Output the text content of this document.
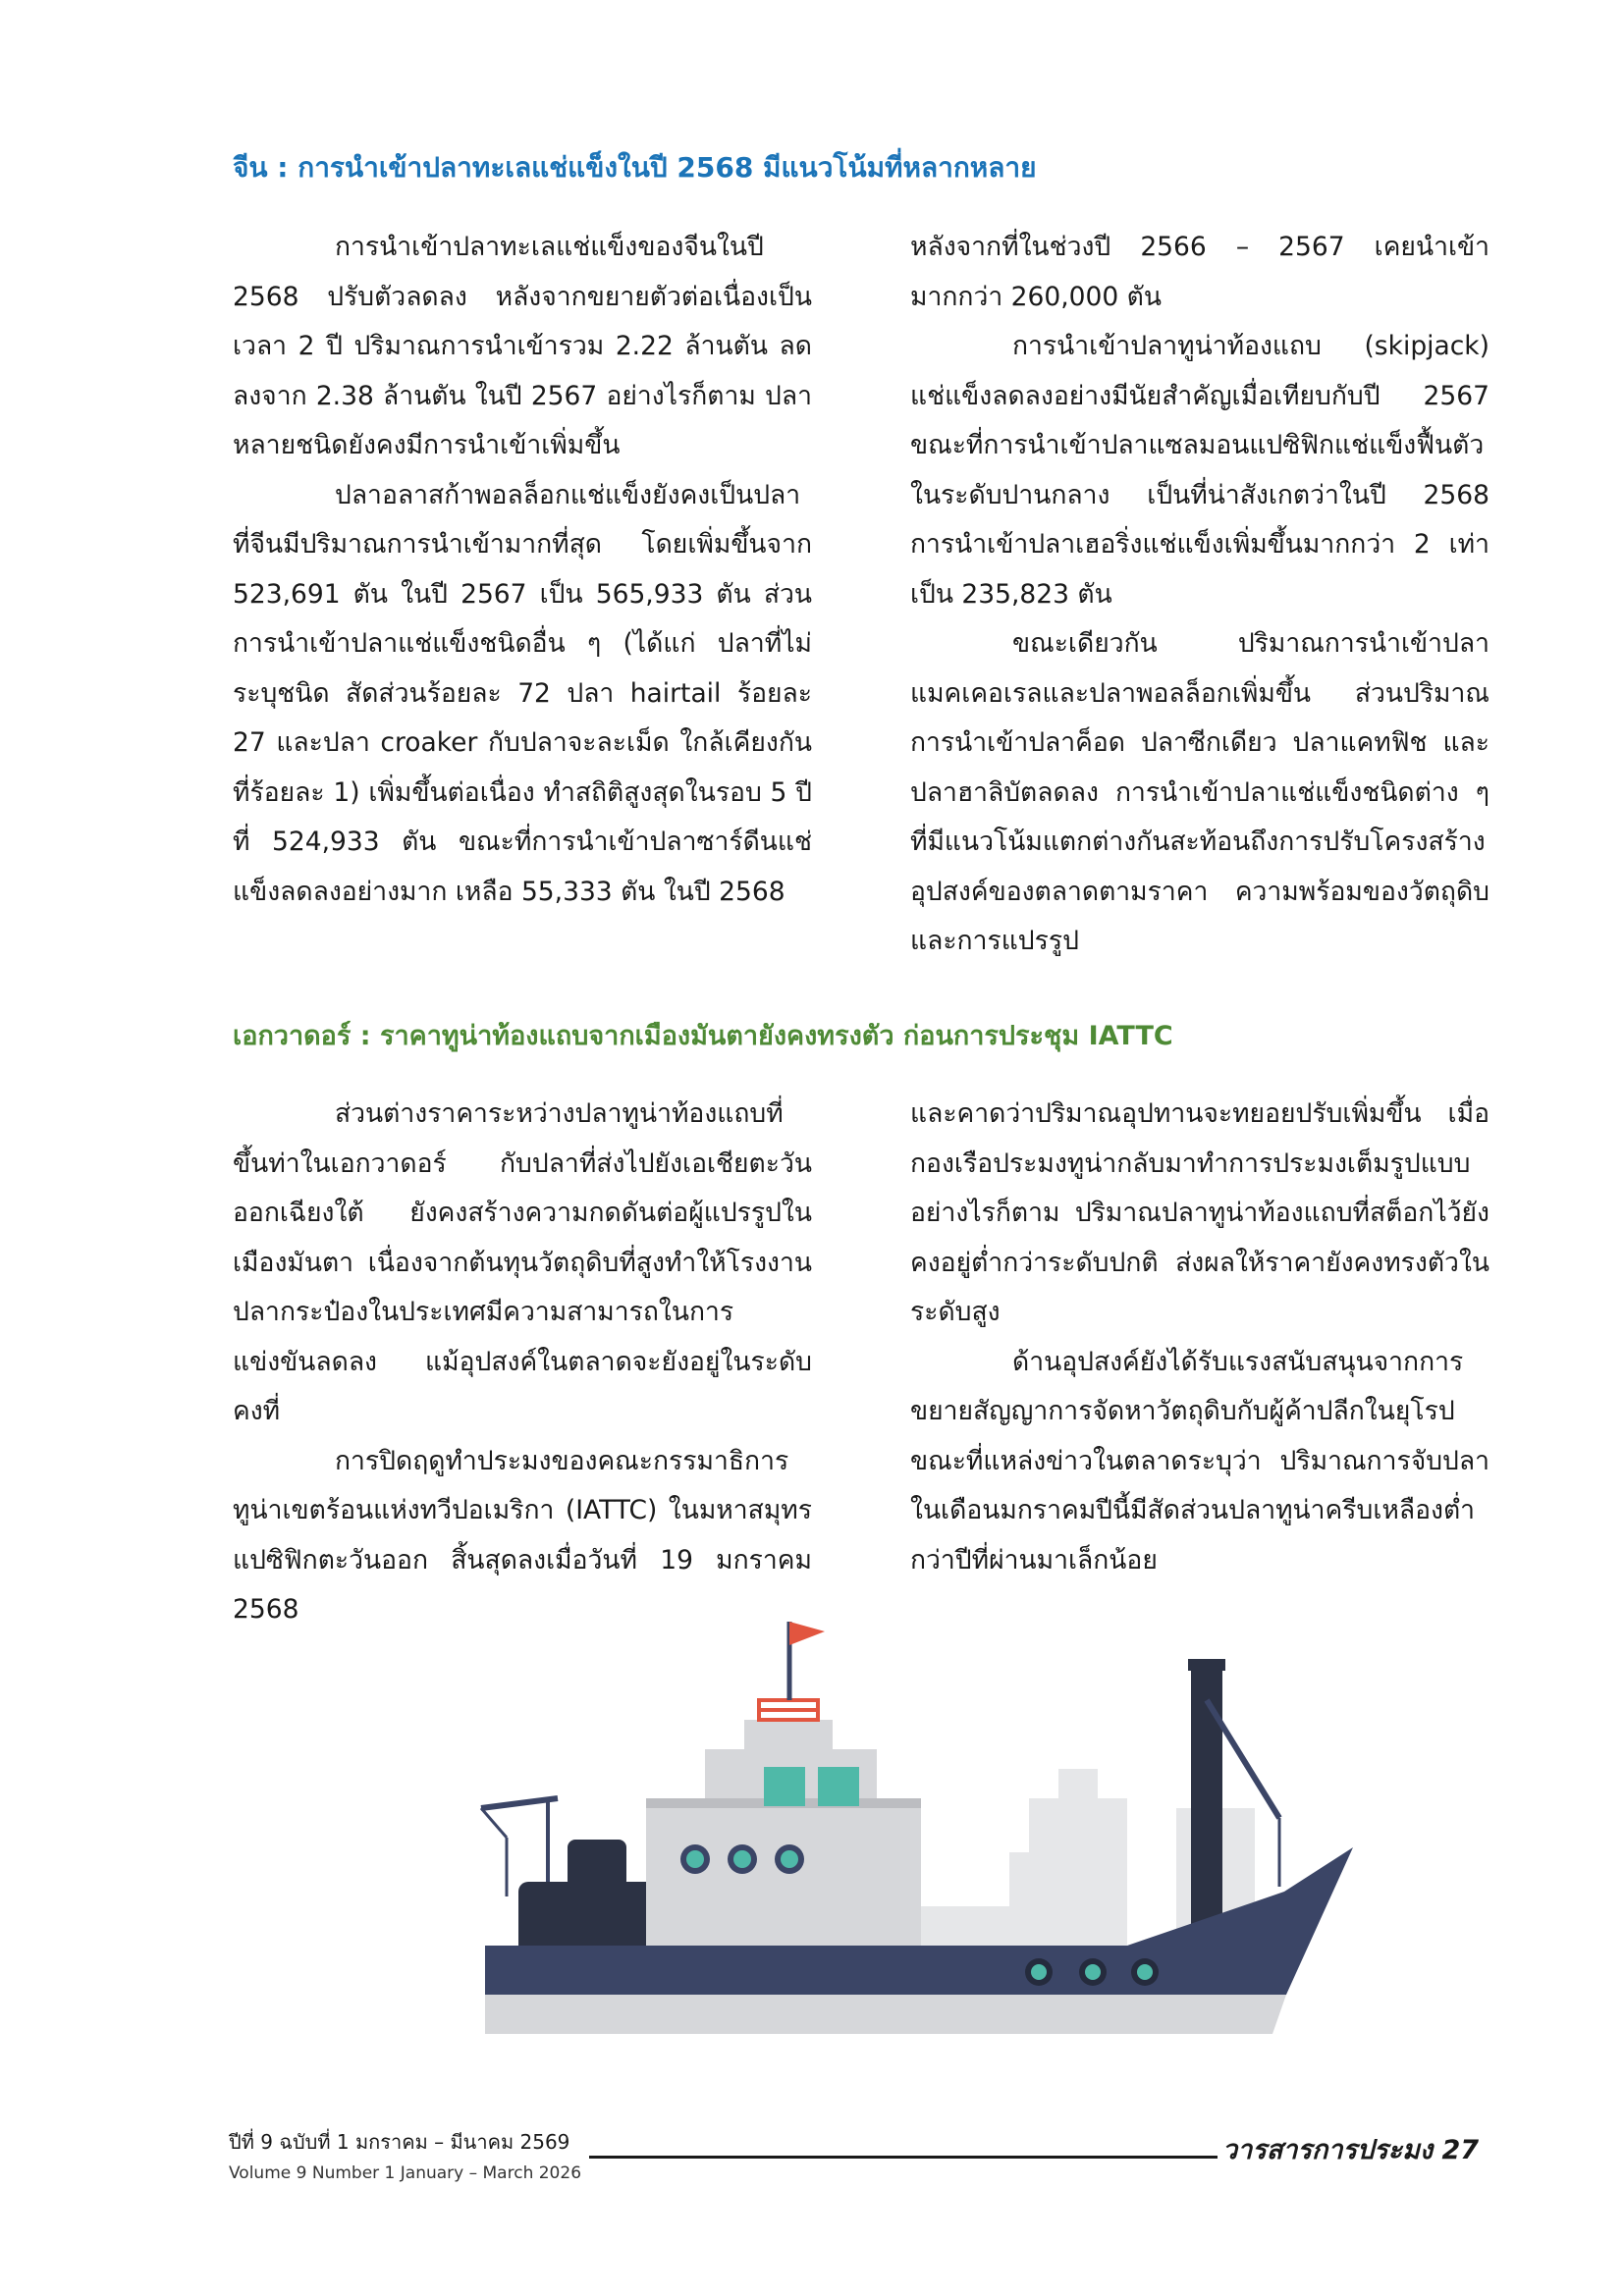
จีน : การนำเข้าปลาทะเลแช่แข็งในปี 2568 มีแนวโน้มที่หลากหลาย

การนำเข้าปลาทะเลแช่แข็งของจีนในปี 2568 ปรับตัวลดลง หลังจากขยายตัวต่อเนื่องเป็นเวลา 2 ปี ปริมาณการนำเข้ารวม 2.22 ล้านตัน ลดลงจาก 2.38 ล้านตัน ในปี 2567 อย่างไรก็ตาม ปลาหลายชนิดยังคงมีการนำเข้าเพิ่มขึ้น

ปลาอลาสก้าพอลล็อกแช่แข็งยังคงเป็นปลาที่จีนมีปริมาณการนำเข้ามากที่สุด โดยเพิ่มขึ้นจาก 523,691 ตัน ในปี 2567 เป็น 565,933 ตัน ส่วนการนำเข้าปลาแช่แข็งชนิดอื่น ๆ (ได้แก่ ปลาที่ไม่ระบุชนิด สัดส่วนร้อยละ 72 ปลา hairtail ร้อยละ 27 และปลา croaker กับปลาจะละเม็ด ใกล้เคียงกันที่ร้อยละ 1) เพิ่มขึ้นต่อเนื่อง ทำสถิติสูงสุดในรอบ 5 ปีที่ 524,933 ตัน ขณะที่การนำเข้าปลาซาร์ดีนแช่แข็งลดลงอย่างมาก เหลือ 55,333 ตัน ในปี 2568

หลังจากที่ในช่วงปี 2566 – 2567 เคยนำเข้ามากกว่า 260,000 ตัน

การนำเข้าปลาทูน่าท้องแถบ (skipjack) แช่แข็งลดลงอย่างมีนัยสำคัญเมื่อเทียบกับปี 2567 ขณะที่การนำเข้าปลาแซลมอนแปซิฟิกแช่แข็งฟื้นตัวในระดับปานกลาง เป็นที่น่าสังเกตว่าในปี 2568 การนำเข้าปลาเฮอริ่งแช่แข็งเพิ่มขึ้นมากกว่า 2 เท่า เป็น 235,823 ตัน

ขณะเดียวกัน ปริมาณการนำเข้าปลาแมคเคอเรลและปลาพอลล็อกเพิ่มขึ้น ส่วนปริมาณการนำเข้าปลาค็อด ปลาซีกเดียว ปลาแคทฟิช และปลาฮาลิบัตลดลง การนำเข้าปลาแช่แข็งชนิดต่าง ๆ ที่มีแนวโน้มแตกต่างกันสะท้อนถึงการปรับโครงสร้างอุปสงค์ของตลาดตามราคา ความพร้อมของวัตถุดิบ และการแปรรูป

เอกวาดอร์ : ราคาทูน่าท้องแถบจากเมืองมันตายังคงทรงตัว ก่อนการประชุม IATTC

ส่วนต่างราคาระหว่างปลาทูน่าท้องแถบที่ขึ้นท่าในเอกวาดอร์ กับปลาที่ส่งไปยังเอเชียตะวันออกเฉียงใต้ ยังคงสร้างความกดดันต่อผู้แปรรูปในเมืองมันตา เนื่องจากต้นทุนวัตถุดิบที่สูงทำให้โรงงานปลากระป๋องในประเทศมีความสามารถในการแข่งขันลดลง แม้อุปสงค์ในตลาดจะยังอยู่ในระดับคงที่

การปิดฤดูทำประมงของคณะกรรมาธิการทูน่าเขตร้อนแห่งทวีปอเมริกา (IATTC) ในมหาสมุทรแปซิฟิกตะวันออก สิ้นสุดลงเมื่อวันที่ 19 มกราคม 2568

และคาดว่าปริมาณอุปทานจะทยอยปรับเพิ่มขึ้น เมื่อกองเรือประมงทูน่ากลับมาทำการประมงเต็มรูปแบบ อย่างไรก็ตาม ปริมาณปลาทูน่าท้องแถบที่สต็อกไว้ยังคงอยู่ต่ำกว่าระดับปกติ ส่งผลให้ราคายังคงทรงตัวในระดับสูง

ด้านอุปสงค์ยังได้รับแรงสนับสนุนจากการขยายสัญญาการจัดหาวัตถุดิบกับผู้ค้าปลีกในยุโรป ขณะที่แหล่งข่าวในตลาดระบุว่า ปริมาณการจับปลาในเดือนมกราคมปีนี้มีสัดส่วนปลาทูน่าครีบเหลืองต่ำกว่าปีที่ผ่านมาเล็กน้อย

ปีที่ 9 ฉบับที่ 1 มกราคม – มีนาคม 2569
Volume 9 Number 1 January – March 2026
วารสารการประมง 27
